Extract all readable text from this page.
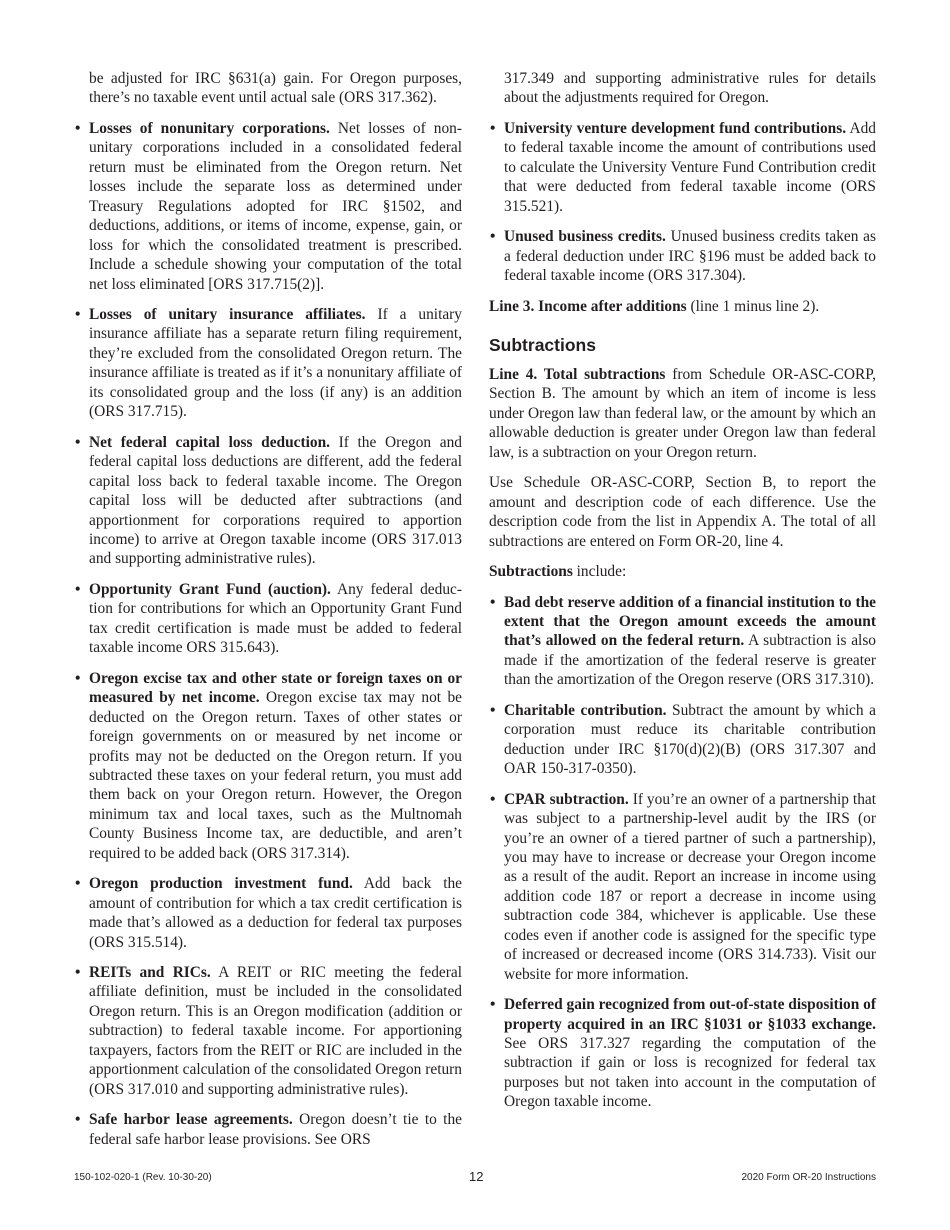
be adjusted for IRC §631(a) gain. For Oregon purposes, there’s no taxable event until actual sale (ORS 317.362).

• Losses of nonunitary corporations. Net losses of nonunitary corporations included in a consolidated federal return must be eliminated from the Oregon return. Net losses include the separate loss as determined under Treasury Regulations adopted for IRC §1502, and deductions, additions, or items of income, expense, gain, or loss for which the consolidated treatment is prescribed. Include a schedule showing your computation of the total net loss eliminated [ORS 317.715(2)].
• Losses of unitary insurance affiliates. If a unitary insurance affiliate has a separate return filing requirement, they’re excluded from the consolidated Oregon return. The insurance affiliate is treated as if it’s a nonunitary affiliate of its consolidated group and the loss (if any) is an addition (ORS 317.715).
• Net federal capital loss deduction. If the Oregon and federal capital loss deductions are different, add the federal capital loss back to federal taxable income. The Oregon capital loss will be deducted after subtractions (and apportionment for corporations required to apportion income) to arrive at Oregon taxable income (ORS 317.013 and supporting administrative rules).
• Opportunity Grant Fund (auction). Any federal deduction for contributions for which an Opportunity Grant Fund tax credit certification is made must be added to federal taxable income ORS 315.643).
• Oregon excise tax and other state or foreign taxes on or measured by net income. Oregon excise tax may not be deducted on the Oregon return. Taxes of other states or foreign governments on or measured by net income or profits may not be deducted on the Oregon return. If you subtracted these taxes on your federal return, you must add them back on your Oregon return. However, the Oregon minimum tax and local taxes, such as the Multnomah County Business Income tax, are deductible, and aren’t required to be added back (ORS 317.314).
• Oregon production investment fund. Add back the amount of contribution for which a tax credit certification is made that’s allowed as a deduction for federal tax purposes (ORS 315.514).
• REITs and RICs. A REIT or RIC meeting the federal affiliate definition, must be included in the consolidated Oregon return. This is an Oregon modification (addition or subtraction) to federal taxable income. For apportioning taxpayers, factors from the REIT or RIC are included in the apportionment calculation of the consolidated Oregon return (ORS 317.010 and supporting administrative rules).
• Safe harbor lease agreements. Oregon doesn’t tie to the federal safe harbor lease provisions. See ORS

317.349 and supporting administrative rules for details about the adjustments required for Oregon.

• University venture development fund contributions. Add to federal taxable income the amount of contributions used to calculate the University Venture Fund Contribution credit that were deducted from federal taxable income (ORS 315.521).
• Unused business credits. Unused business credits taken as a federal deduction under IRC §196 must be added back to federal taxable income (ORS 317.304).

Line 3. Income after additions (line 1 minus line 2).

Subtractions

Line 4. Total subtractions from Schedule OR-ASC-CORP, Section B. The amount by which an item of income is less under Oregon law than federal law, or the amount by which an allowable deduction is greater under Oregon law than federal law, is a subtraction on your Oregon return.

Use Schedule OR-ASC-CORP, Section B, to report the amount and description code of each difference. Use the description code from the list in Appendix A. The total of all subtractions are entered on Form OR-20, line 4.

Subtractions include:

• Bad debt reserve addition of a financial institution to the extent that the Oregon amount exceeds the amount that’s allowed on the federal return. A subtraction is also made if the amortization of the federal reserve is greater than the amortization of the Oregon reserve (ORS 317.310).
• Charitable contribution. Subtract the amount by which a corporation must reduce its charitable contribution deduction under IRC §170(d)(2)(B) (ORS 317.307 and OAR 150-317-0350).
• CPAR subtraction. If you’re an owner of a partnership that was subject to a partnership-level audit by the IRS (or you’re an owner of a tiered partner of such a partnership), you may have to increase or decrease your Oregon income as a result of the audit. Report an increase in income using addition code 187 or report a decrease in income using subtraction code 384, whichever is applicable. Use these codes even if another code is assigned for the specific type of increased or decreased income (ORS 314.733). Visit our website for more information.
• Deferred gain recognized from out-of-state disposition of property acquired in an IRC §1031 or §1033 exchange. See ORS 317.327 regarding the computation of the subtraction if gain or loss is recognized for federal tax purposes but not taken into account in the computation of Oregon taxable income.
150-102-020-1 (Rev. 10-30-20)	12	2020 Form OR-20 Instructions
